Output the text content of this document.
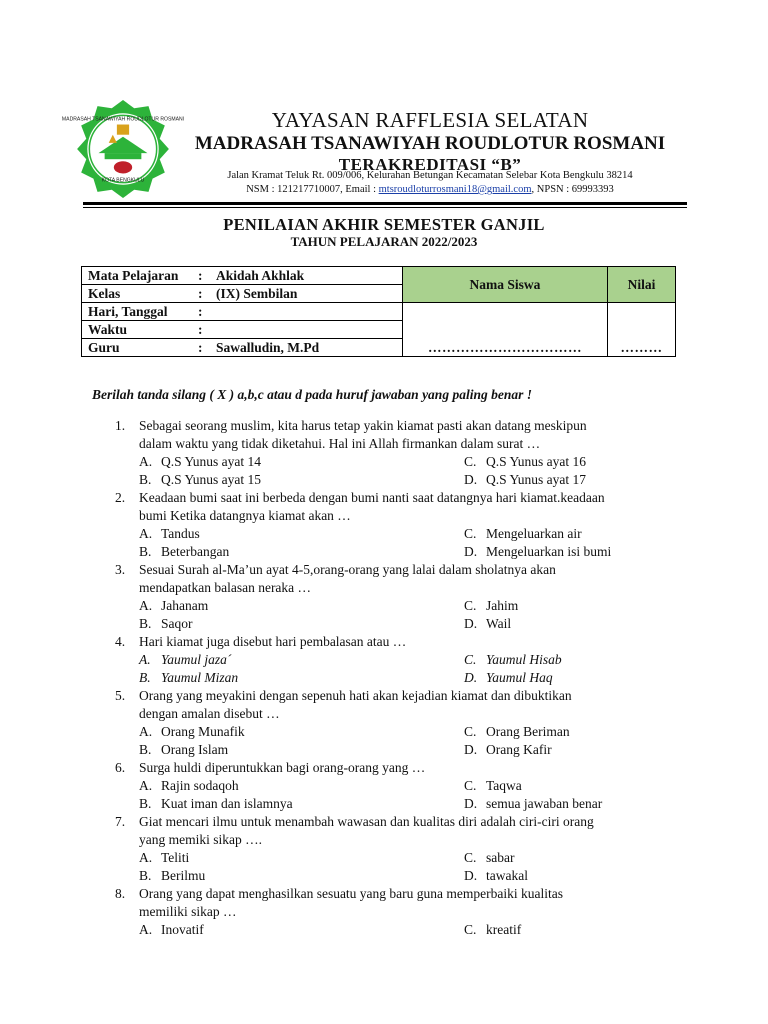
MADRASAH TSANAWIYAH ROUDLOTUR ROSMANI
KOTA BENGKULU
YAYASAN RAFFLESIA SELATAN
MADRASAH TSANAWIYAH ROUDLOTUR ROSMANI
TERAKREDITASI “B”
Jalan Kramat Teluk Rt. 009/006, Kelurahan Betungan Kecamatan Selebar Kota Bengkulu 38214
NSM : 121217710007, Email : mtsroudloturrosmani18@gmail.com, NPSN : 69993393
PENILAIAN AKHIR SEMESTER GANJIL
TAHUN PELAJARAN 2022/2023
Mata Pelajaran	:	Akidah Akhlak	Nama Siswa	Nilai
Kelas	:	(IX) Sembilan		
Hari, Tanggal	:		……………………………	………
Waktu	:			
Guru	:	Sawalludin, M.Pd		
Berilah tanda silang ( X ) a,b,c atau d pada huruf jawaban yang paling benar !
1. Sebagai seorang muslim, kita harus tetap yakin kiamat pasti akan datang meskipun
dalam waktu yang tidak diketahui. Hal ini Allah firmankan dalam surat …
A. Q.S Yunus ayat 14	C. Q.S Yunus ayat 16
B. Q.S Yunus ayat 15	D. Q.S Yunus ayat 17
2. Keadaan bumi saat ini berbeda dengan bumi nanti saat datangnya hari kiamat.keadaan
bumi Ketika datangnya kiamat akan …
A. Tandus	C. Mengeluarkan air
B. Beterbangan	D. Mengeluarkan isi bumi
3. Sesuai Surah al-Ma’un ayat 4-5,orang-orang yang lalai dalam sholatnya akan
mendapatkan balasan neraka …
A. Jahanam	C. Jahim
B. Saqor	D. Wail
4. Hari kiamat juga disebut hari pembalasan atau …
A. Yaumul jaza´	C. Yaumul Hisab
B. Yaumul Mizan	D. Yaumul Haq
5. Orang yang meyakini dengan sepenuh hati akan kejadian kiamat dan dibuktikan
dengan amalan disebut …
A. Orang Munafik	C. Orang Beriman
B. Orang Islam	D. Orang Kafir
6. Surga huldi diperuntukkan bagi orang-orang yang …
A. Rajin sodaqoh	C. Taqwa
B. Kuat iman dan islamnya	D. semua jawaban benar
7. Giat mencari ilmu untuk menambah wawasan dan kualitas diri adalah ciri-ciri orang
yang memiki sikap ….
A. Teliti	C. sabar
B. Berilmu	D. tawakal
8. Orang yang dapat menghasilkan sesuatu yang baru guna memperbaiki kualitas
memiliki sikap …
A. Inovatif	C. kreatif
